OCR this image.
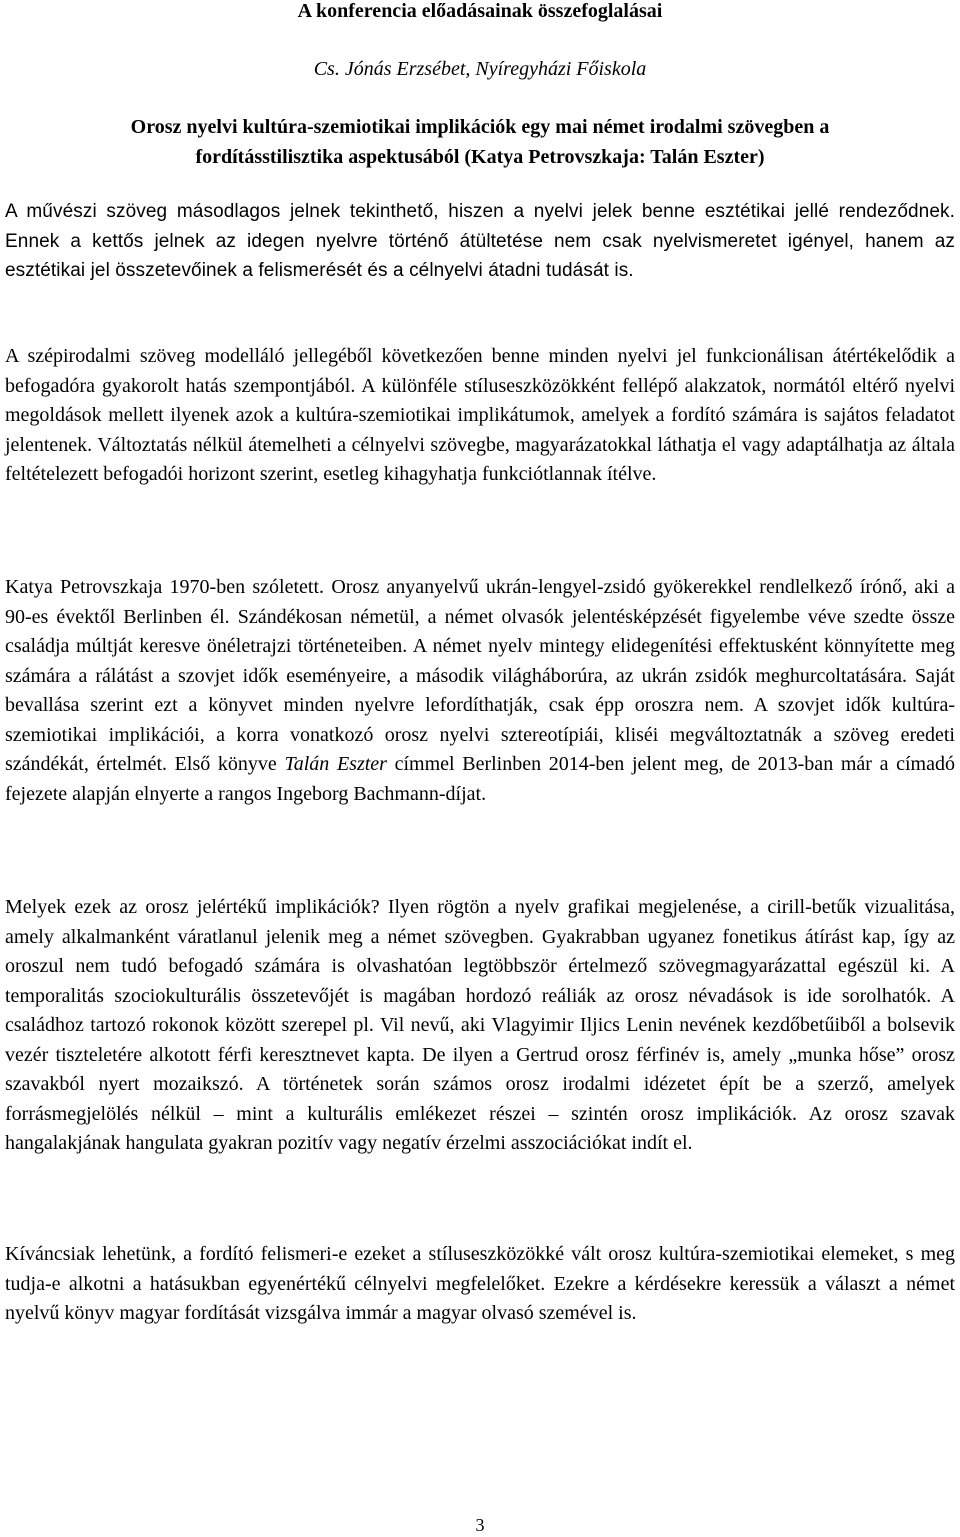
A konferencia előadásainak összefoglalásai

Cs. Jónás Erzsébet, Nyíregyházi Főiskola

Orosz nyelvi kultúra-szemiotikai implikációk egy mai német irodalmi szövegben a
fordításstilisztika aspektusából (Katya Petrovszkaja: Talán Eszter)

A művészi szöveg másodlagos jelnek tekinthető, hiszen a nyelvi jelek benne esztétikai jellé rendeződnek. Ennek a kettős jelnek az idegen nyelvre történő átültetése nem csak nyelvismeretet igényel, hanem az esztétikai jel összetevőinek a felismerését és a célnyelvi átadni tudását is.

A szépirodalmi szöveg modelláló jellegéből következően benne minden nyelvi jel funkcionálisan átértékelődik a befogadóra gyakorolt hatás szempontjából. A különféle stíluseszközökként fellépő alakzatok, normától eltérő nyelvi megoldások mellett ilyenek azok a kultúra-szemiotikai implikátumok, amelyek a fordító számára is sajátos feladatot jelentenek. Változtatás nélkül átemelheti a célnyelvi szövegbe, magyarázatokkal láthatja el vagy adaptálhatja az általa feltételezett befogadói horizont szerint, esetleg kihagyhatja funkciótlannak ítélve.

Katya Petrovszkaja 1970-ben szóletett. Orosz anyanyelvű ukrán-lengyel-zsidó gyökerekkel rendlelkező írónő, aki a 90-es évektől Berlinben él. Szándékosan németül, a német olvasók jelentésképzését figyelembe véve szedte össze családja múltját keresve önéletrajzi történeteiben. A német nyelv mintegy elidegenítési effektusként könnyítette meg számára a rálátást a szovjet idők eseményeire, a második világháborúra, az ukrán zsidók meghurcoltatására. Saját bevallása szerint ezt a könyvet minden nyelvre lefordíthatják, csak épp oroszra nem. A szovjet idők kultúra-szemiotikai implikációi, a korra vonatkozó orosz nyelvi sztereotípiái, kliséi megváltoztatnák a szöveg eredeti szándékát, értelmét. Első könyve Talán Eszter címmel Berlinben 2014-ben jelent meg, de 2013-ban már a címadó fejezete alapján elnyerte a rangos Ingeborg Bachmann-díjat.

Melyek ezek az orosz jelértékű implikációk? Ilyen rögtön a nyelv grafikai megjelenése, a cirill-betűk vizualitása, amely alkalmanként váratlanul jelenik meg a német szövegben. Gyakrabban ugyanez fonetikus átírást kap, így az oroszul nem tudó befogadó számára is olvashatóan legtöbbször értelmező szövegmagyarázattal egészül ki. A temporalitás szociokulturális összetevőjét is magában hordozó reáliák az orosz névadások is ide sorolhatók. A családhoz tartozó rokonok között szerepel pl. Vil nevű, aki Vlagyimir Iljics Lenin nevének kezdőbetűiből a bolsevik vezér tiszteletére alkotott férfi keresztnevet kapta. De ilyen a Gertrud orosz férfinév is, amely „munka hőse” orosz szavakból nyert mozaikszó. A történetek során számos orosz irodalmi idézetet épít be a szerző, amelyek forrásmegjelölés nélkül – mint a kulturális emlékezet részei – szintén orosz implikációk. Az orosz szavak hangalakjának hangulata gyakran pozitív vagy negatív érzelmi asszociációkat indít el.

Kíváncsiak lehetünk, a fordító felismeri-e ezeket a stíluseszközökké vált orosz kultúra-szemiotikai elemeket, s meg tudja-e alkotni a hatásukban egyenértékű célnyelvi megfelelőket. Ezekre a kérdésekre keressük a választ a német nyelvű könyv magyar fordítását vizsgálva immár a magyar olvasó szemével is.

3
